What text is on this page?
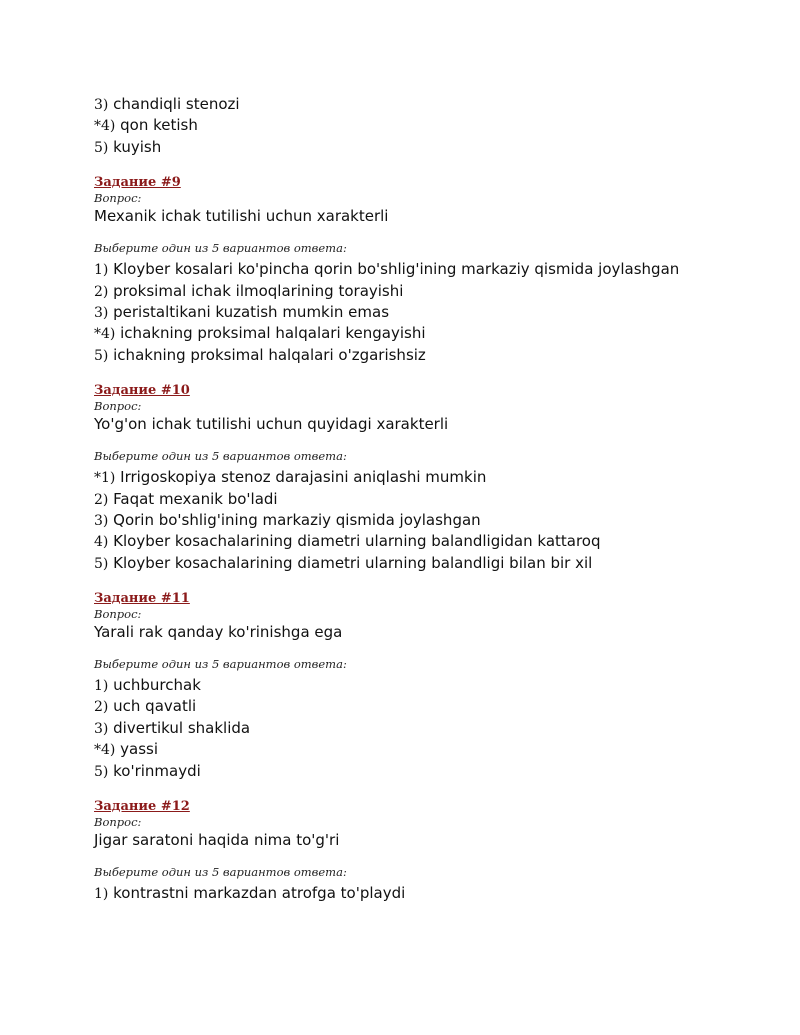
3) chandiqli stenozi
*4) qon ketish
5) kuyish
Задание #9
Вопрос:
Mexanik ichak tutilishi uchun xarakterli
Выберите один из 5 вариантов ответа:
1) Kloyber kosalari ko'pincha qorin bo'shlig'ining markaziy qismida joylashgan
2) proksimal ichak ilmoqlarining torayishi
3) peristaltikani kuzatish mumkin emas
*4) ichakning proksimal halqalari kengayishi
5) ichakning proksimal halqalari o'zgarishsiz
Задание #10
Вопрос:
Yo'g'on ichak tutilishi uchun quyidagi xarakterli
Выберите один из 5 вариантов ответа:
*1) Irrigoskopiya stenoz darajasini aniqlashi mumkin
2) Faqat mexanik bo'ladi
3) Qorin bo'shlig'ining markaziy qismida joylashgan
4) Kloyber kosachalarining diametri ularning balandligidan kattaroq
5) Kloyber kosachalarining diametri ularning balandligi bilan bir xil
Задание #11
Вопрос:
Yarali rak qanday ko'rinishga ega
Выберите один из 5 вариантов ответа:
1) uchburchak
2) uch qavatli
3) divertikul shaklida
*4) yassi
5) ko'rinmaydi
Задание #12
Вопрос:
Jigar saratoni haqida nima to'g'ri
Выберите один из 5 вариантов ответа:
1) kontrastni markazdan atrofga to'playdi
